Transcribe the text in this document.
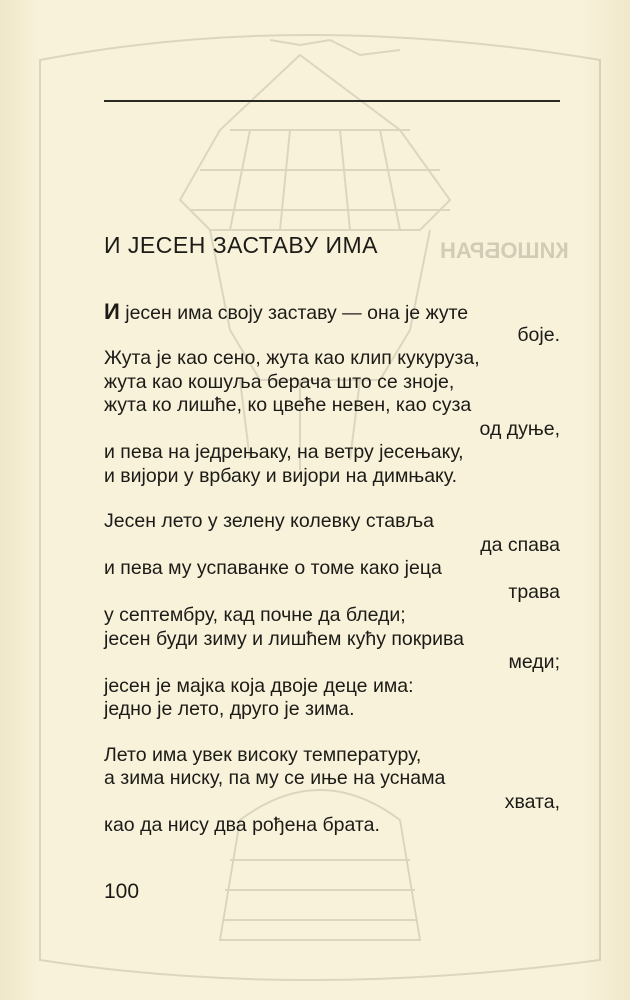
КИШОБРАН
И ЈЕСЕН ЗАСТАВУ ИМА
И јесен има своју заставу — она је жуте
боје.
Жута је као сено, жута као клип кукуруза,
жута као кошуља берача што се зноје,
жута ко лишће, ко цвеће невен, као суза
од дуње,
и пева на једрењаку, на ветру јесењаку,
и вијори у врбаку и вијори на димњаку.
Јесен лето у зелену колевку ставља
да спава
и пева му успаванке о томе како јеца
трава
у септембру, кад почне да бледи;
јесен буди зиму и лишћем кућу покрива
меди;
јесен је мајка која двоје деце има:
једно је лето, друго је зима.
Лето има увек високу температуру,
а зима ниску, па му се иње на уснама
хвата,
као да нису два рођена брата.
100
